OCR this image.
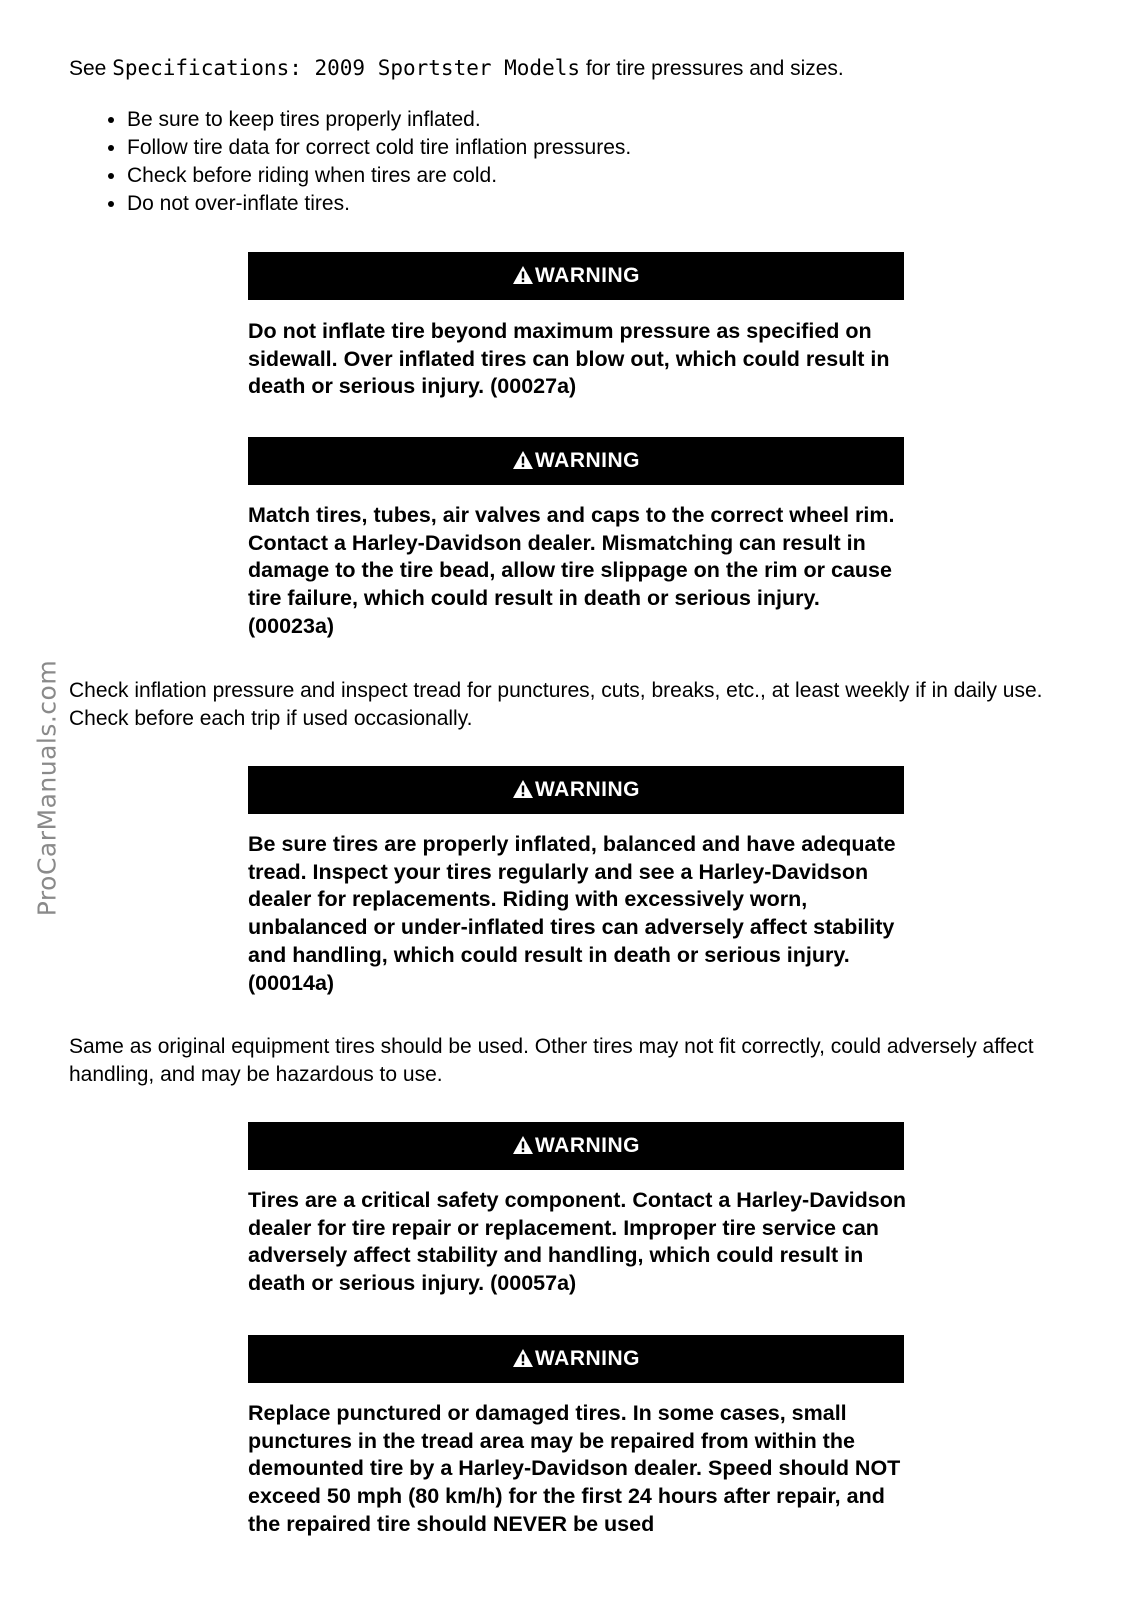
ProCarManuals.com
See Specifications: 2009 Sportster Models for tire pressures and sizes.
• Be sure to keep tires properly inflated.
• Follow tire data for correct cold tire inflation pressures.
• Check before riding when tires are cold.
• Do not over-inflate tires.
WARNING
Do not inflate tire beyond maximum pressure as specified on sidewall. Over inflated tires can blow out, which could result in death or serious injury. (00027a)
WARNING
Match tires, tubes, air valves and caps to the correct wheel rim. Contact a Harley-Davidson dealer. Mismatching can result in damage to the tire bead, allow tire slippage on the rim or cause tire failure, which could result in death or serious injury. (00023a)
Check inflation pressure and inspect tread for punctures, cuts, breaks, etc., at least weekly if in daily use. Check before each trip if used occasionally.
WARNING
Be sure tires are properly inflated, balanced and have adequate tread. Inspect your tires regularly and see a Harley-Davidson dealer for replacements. Riding with excessively worn, unbalanced or under-inflated tires can adversely affect stability and handling, which could result in death or serious injury. (00014a)
Same as original equipment tires should be used. Other tires may not fit correctly, could adversely affect handling, and may be hazardous to use.
WARNING
Tires are a critical safety component. Contact a Harley-Davidson dealer for tire repair or replacement. Improper tire service can adversely affect stability and handling, which could result in death or serious injury. (00057a)
WARNING
Replace punctured or damaged tires. In some cases, small punctures in the tread area may be repaired from within the demounted tire by a Harley-Davidson dealer. Speed should NOT exceed 50 mph (80 km/h) for the first 24 hours after repair, and the repaired tire should NEVER be used
